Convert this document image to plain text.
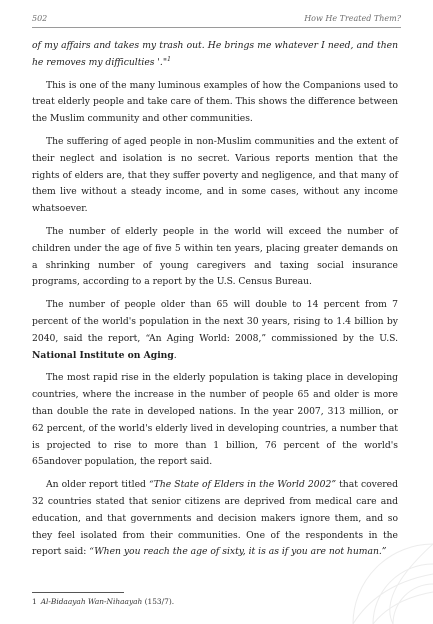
502	How He Treated Them?

of my affairs and takes my trash out. He brings me whatever I need, and then he removes my difficulties '."$^1$

This is one of the many luminous examples of how the Companions used to treat elderly people and take care of them. This shows the difference between the Muslim community and other communities.

The suffering of aged people in non-Muslim communities and the extent of their neglect and isolation is no secret. Various reports mention that the rights of elders are, that they suffer poverty and negligence, and that many of them live without a steady income, and in some cases, without any income whatsoever.

The number of elderly people in the world will exceed the number of children under the age of five 5 within ten years, placing greater demands on a shrinking number of young caregivers and taxing social insurance programs, according to a report by the U.S. Census Bureau.

The number of people older than 65 will double to 14 percent from 7 percent of the world's population in the next 30 years, rising to 1.4 billion by 2040, said the report, “An Aging World: 2008,” commissioned by the U.S. National Institute on Aging.

The most rapid rise in the elderly population is taking place in developing countries, where the increase in the number of people 65 and older is more than double the rate in developed nations. In the year 2007, 313 million, or 62 percent, of the world's elderly lived in developing countries, a number that is projected to rise to more than 1 billion, 76 percent of the world's 65andover population, the report said.

An older report titled “The State of Elders in the World 2002” that covered 32 countries stated that senior citizens are deprived from medical care and education, and that governments and decision makers ignore them, and so they feel isolated from their communities. One of the respondents in the report said: “When you reach the age of sixty, it is as if you are not human.”

1 Al-Bidaayah Wan-Nihaayah (153/7).
